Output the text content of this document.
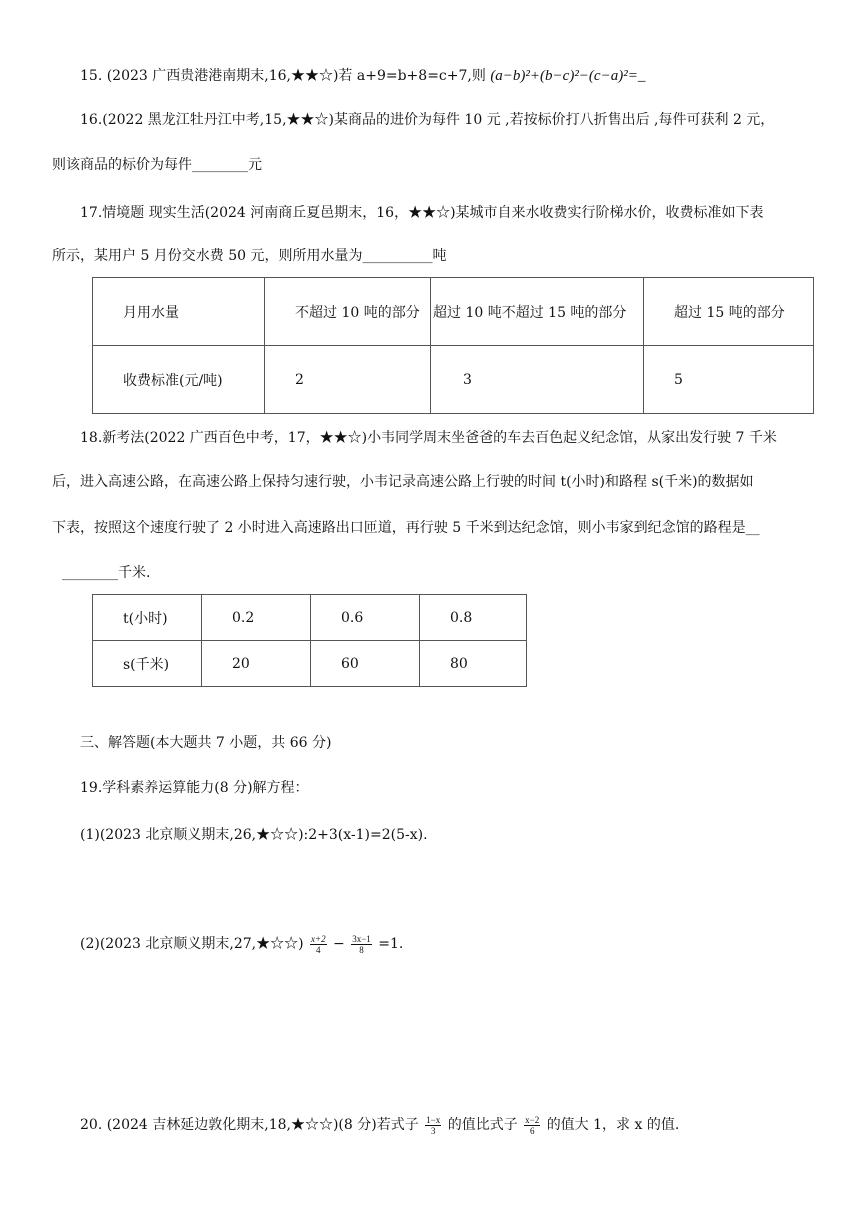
15. (2023 广西贵港港南期末,16,★★☆)若 a+9=b+8=c+7,则 (a−b)²+(b−c)²−(c−a)²=_
16.(2022 黑龙江牡丹江中考,15,★★☆)某商品的进价为每件 10 元 ,若按标价打八折售出后 ,每件可获利 2 元，
则该商品的标价为每件________元
17.情境题 现实生活(2024 河南商丘夏邑期末，16，★★☆)某城市自来水收费实行阶梯水价，收费标准如下表
所示，某用户 5 月份交水费 50 元，则所用水量为__________吨
月用水量	不超过 10 吨的部分	超过 10 吨不超过 15 吨的部分	超过 15 吨的部分
收费标准(元/吨)	2	3	5
18.新考法(2022 广西百色中考，17，★★☆)小韦同学周末坐爸爸的车去百色起义纪念馆，从家出发行驶 7 千米
后，进入高速公路，在高速公路上保持匀速行驶，小韦记录高速公路上行驶的时间 t(小时)和路程 s(千米)的数据如
下表，按照这个速度行驶了 2 小时进入高速路出口匝道，再行驶 5 千米到达纪念馆，则小韦家到纪念馆的路程是__
________千米.
t(小时)	0.2	0.6	0.8
s(千米)	20	60	80
三、解答题(本大题共 7 小题，共 66 分)
19.学科素养运算能力(8 分)解方程：
(1)(2023 北京顺义期末,26,★☆☆):2+3(x-1)=2(5-x).
(2)(2023 北京顺义期末,27,★☆☆) $\frac{x+2}{4} - \frac{3x-1}{8} =1$.
20. (2024 吉林延边敦化期末,18,★☆☆)(8 分)若式子 $\frac{1-x}{3}$ 的值比式子 $\frac{x-2}{6}$ 的值大 1，求 x 的值.
